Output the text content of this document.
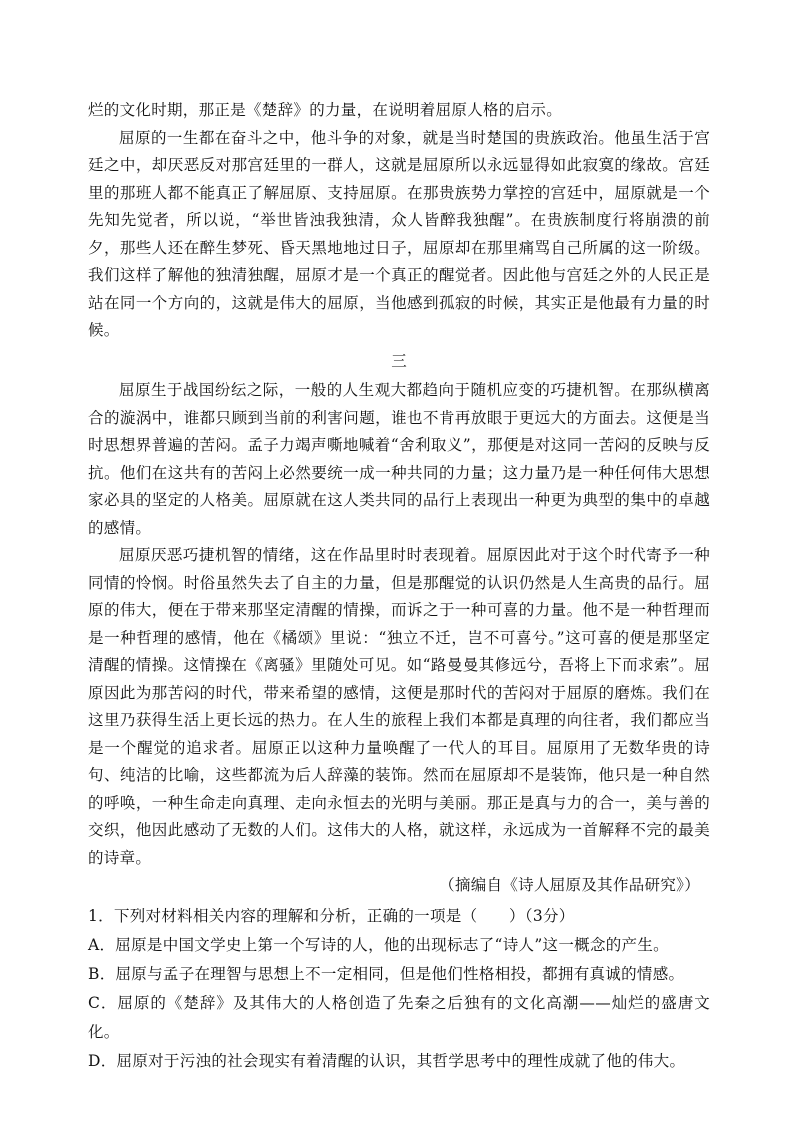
烂的文化时期，那正是《楚辞》的力量，在说明着屈原人格的启示。

屈原的一生都在奋斗之中，他斗争的对象，就是当时楚国的贵族政治。他虽生活于宫廷之中，却厌恶反对那宫廷里的一群人，这就是屈原所以永远显得如此寂寞的缘故。宫廷里的那班人都不能真正了解屈原、支持屈原。在那贵族势力掌控的宫廷中，屈原就是一个先知先觉者，所以说，“举世皆浊我独清，众人皆醉我独醒”。在贵族制度行将崩溃的前夕，那些人还在醉生梦死、昏天黑地地过日子，屈原却在那里痛骂自己所属的这一阶级。我们这样了解他的独清独醒，屈原才是一个真正的醒觉者。因此他与宫廷之外的人民正是站在同一个方向的，这就是伟大的屈原，当他感到孤寂的时候，其实正是他最有力量的时候。

三

屈原生于战国纷纭之际，一般的人生观大都趋向于随机应变的巧捷机智。在那纵横离合的漩涡中，谁都只顾到当前的利害问题，谁也不肯再放眼于更远大的方面去。这便是当时思想界普遍的苦闷。孟子力竭声嘶地喊着“舍利取义”，那便是对这同一苦闷的反映与反抗。他们在这共有的苦闷上必然要统一成一种共同的力量；这力量乃是一种任何伟大思想家必具的坚定的人格美。屈原就在这人类共同的品行上表现出一种更为典型的集中的卓越的感情。

屈原厌恶巧捷机智的情绪，这在作品里时时表现着。屈原因此对于这个时代寄予一种同情的怜悯。时俗虽然失去了自主的力量，但是那醒觉的认识仍然是人生高贵的品行。屈原的伟大，便在于带来那坚定清醒的情操，而诉之于一种可喜的力量。他不是一种哲理而是一种哲理的感情，他在《橘颂》里说：“独立不迁，岂不可喜兮。”这可喜的便是那坚定清醒的情操。这情操在《离骚》里随处可见。如“路曼曼其修远兮，吾将上下而求索”。屈原因此为那苦闷的时代，带来希望的感情，这便是那时代的苦闷对于屈原的磨炼。我们在这里乃获得生活上更长远的热力。在人生的旅程上我们本都是真理的向往者，我们都应当是一个醒觉的追求者。屈原正以这种力量唤醒了一代人的耳目。屈原用了无数华贵的诗句、纯洁的比喻，这些都流为后人辞藻的装饰。然而在屈原却不是装饰，他只是一种自然的呼唤，一种生命走向真理、走向永恒去的光明与美丽。那正是真与力的合一，美与善的交织，他因此感动了无数的人们。这伟大的人格，就这样，永远成为一首解释不完的最美的诗章。

（摘编自《诗人屈原及其作品研究》）

1．下列对材料相关内容的理解和分析，正确的一项是（　　）（3分）

A．屈原是中国文学史上第一个写诗的人，他的出现标志了“诗人”这一概念的产生。

B．屈原与孟子在理智与思想上不一定相同，但是他们性格相投，都拥有真诚的情感。

C．屈原的《楚辞》及其伟大的人格创造了先秦之后独有的文化高潮——灿烂的盛唐文化。

D．屈原对于污浊的社会现实有着清醒的认识，其哲学思考中的理性成就了他的伟大。
